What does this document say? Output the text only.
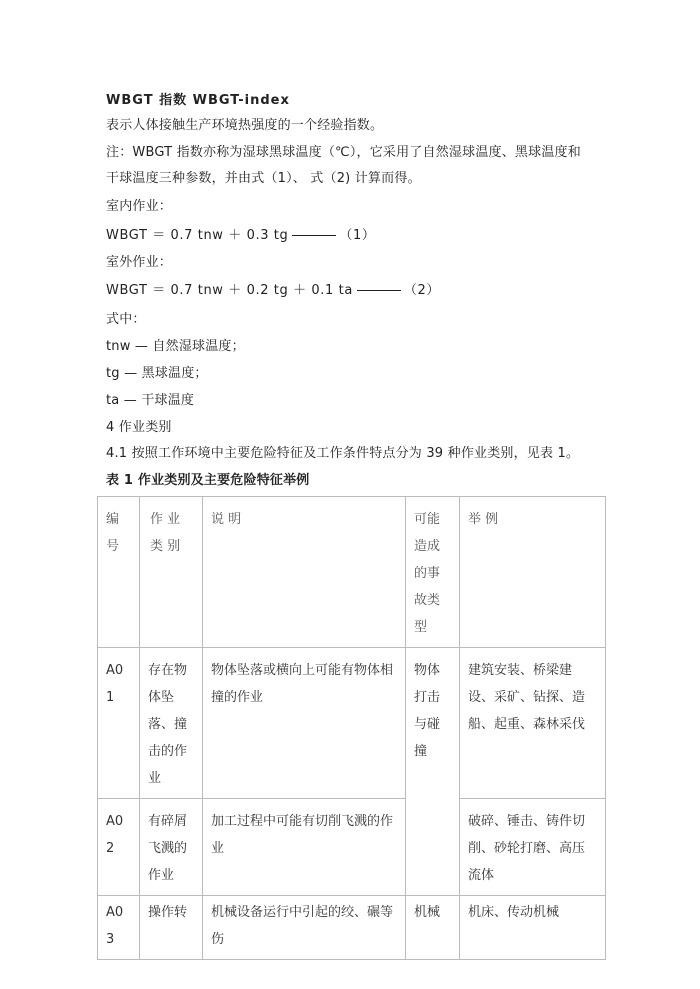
WBGT 指数 WBGT-index
表示人体接触生产环境热强度的一个经验指数。
注：WBGT 指数亦称为湿球黑球温度（℃），它采用了自然湿球温度、黑球温度和干球温度三种参数，并由式（1）、 式（2) 计算而得。
室内作业：
WBGT ＝ 0.7 tnw ＋ 0.3 tg	（1）
室外作业：
WBGT ＝ 0.7 tnw ＋ 0.2 tg ＋ 0.1 ta	（2）
式中：
tnw — 自然湿球温度；
tg — 黑球温度；
ta — 干球温度
4 作业类别
4.1 按照工作环境中主要危险特征及工作条件特点分为 39 种作业类别，见表 1。
表 1 作业类别及主要危险特征举例
编号	作 业 类 别	说 明	可能造成的事故类型	举 例
A01	存在物体坠落、撞击的作业	物体坠落或横向上可能有物体相撞的作业	物体打击与碰撞	建筑安装、桥梁建设、采矿、钻探、造船、起重、森林采伐
A02	有碎屑飞溅的作业	加工过程中可能有切削飞溅的作业		破碎、锤击、铸件切削、砂轮打磨、高压流体
A03	操作转	机械设备运行中引起的绞、碾等伤	机械	机床、传动机械
